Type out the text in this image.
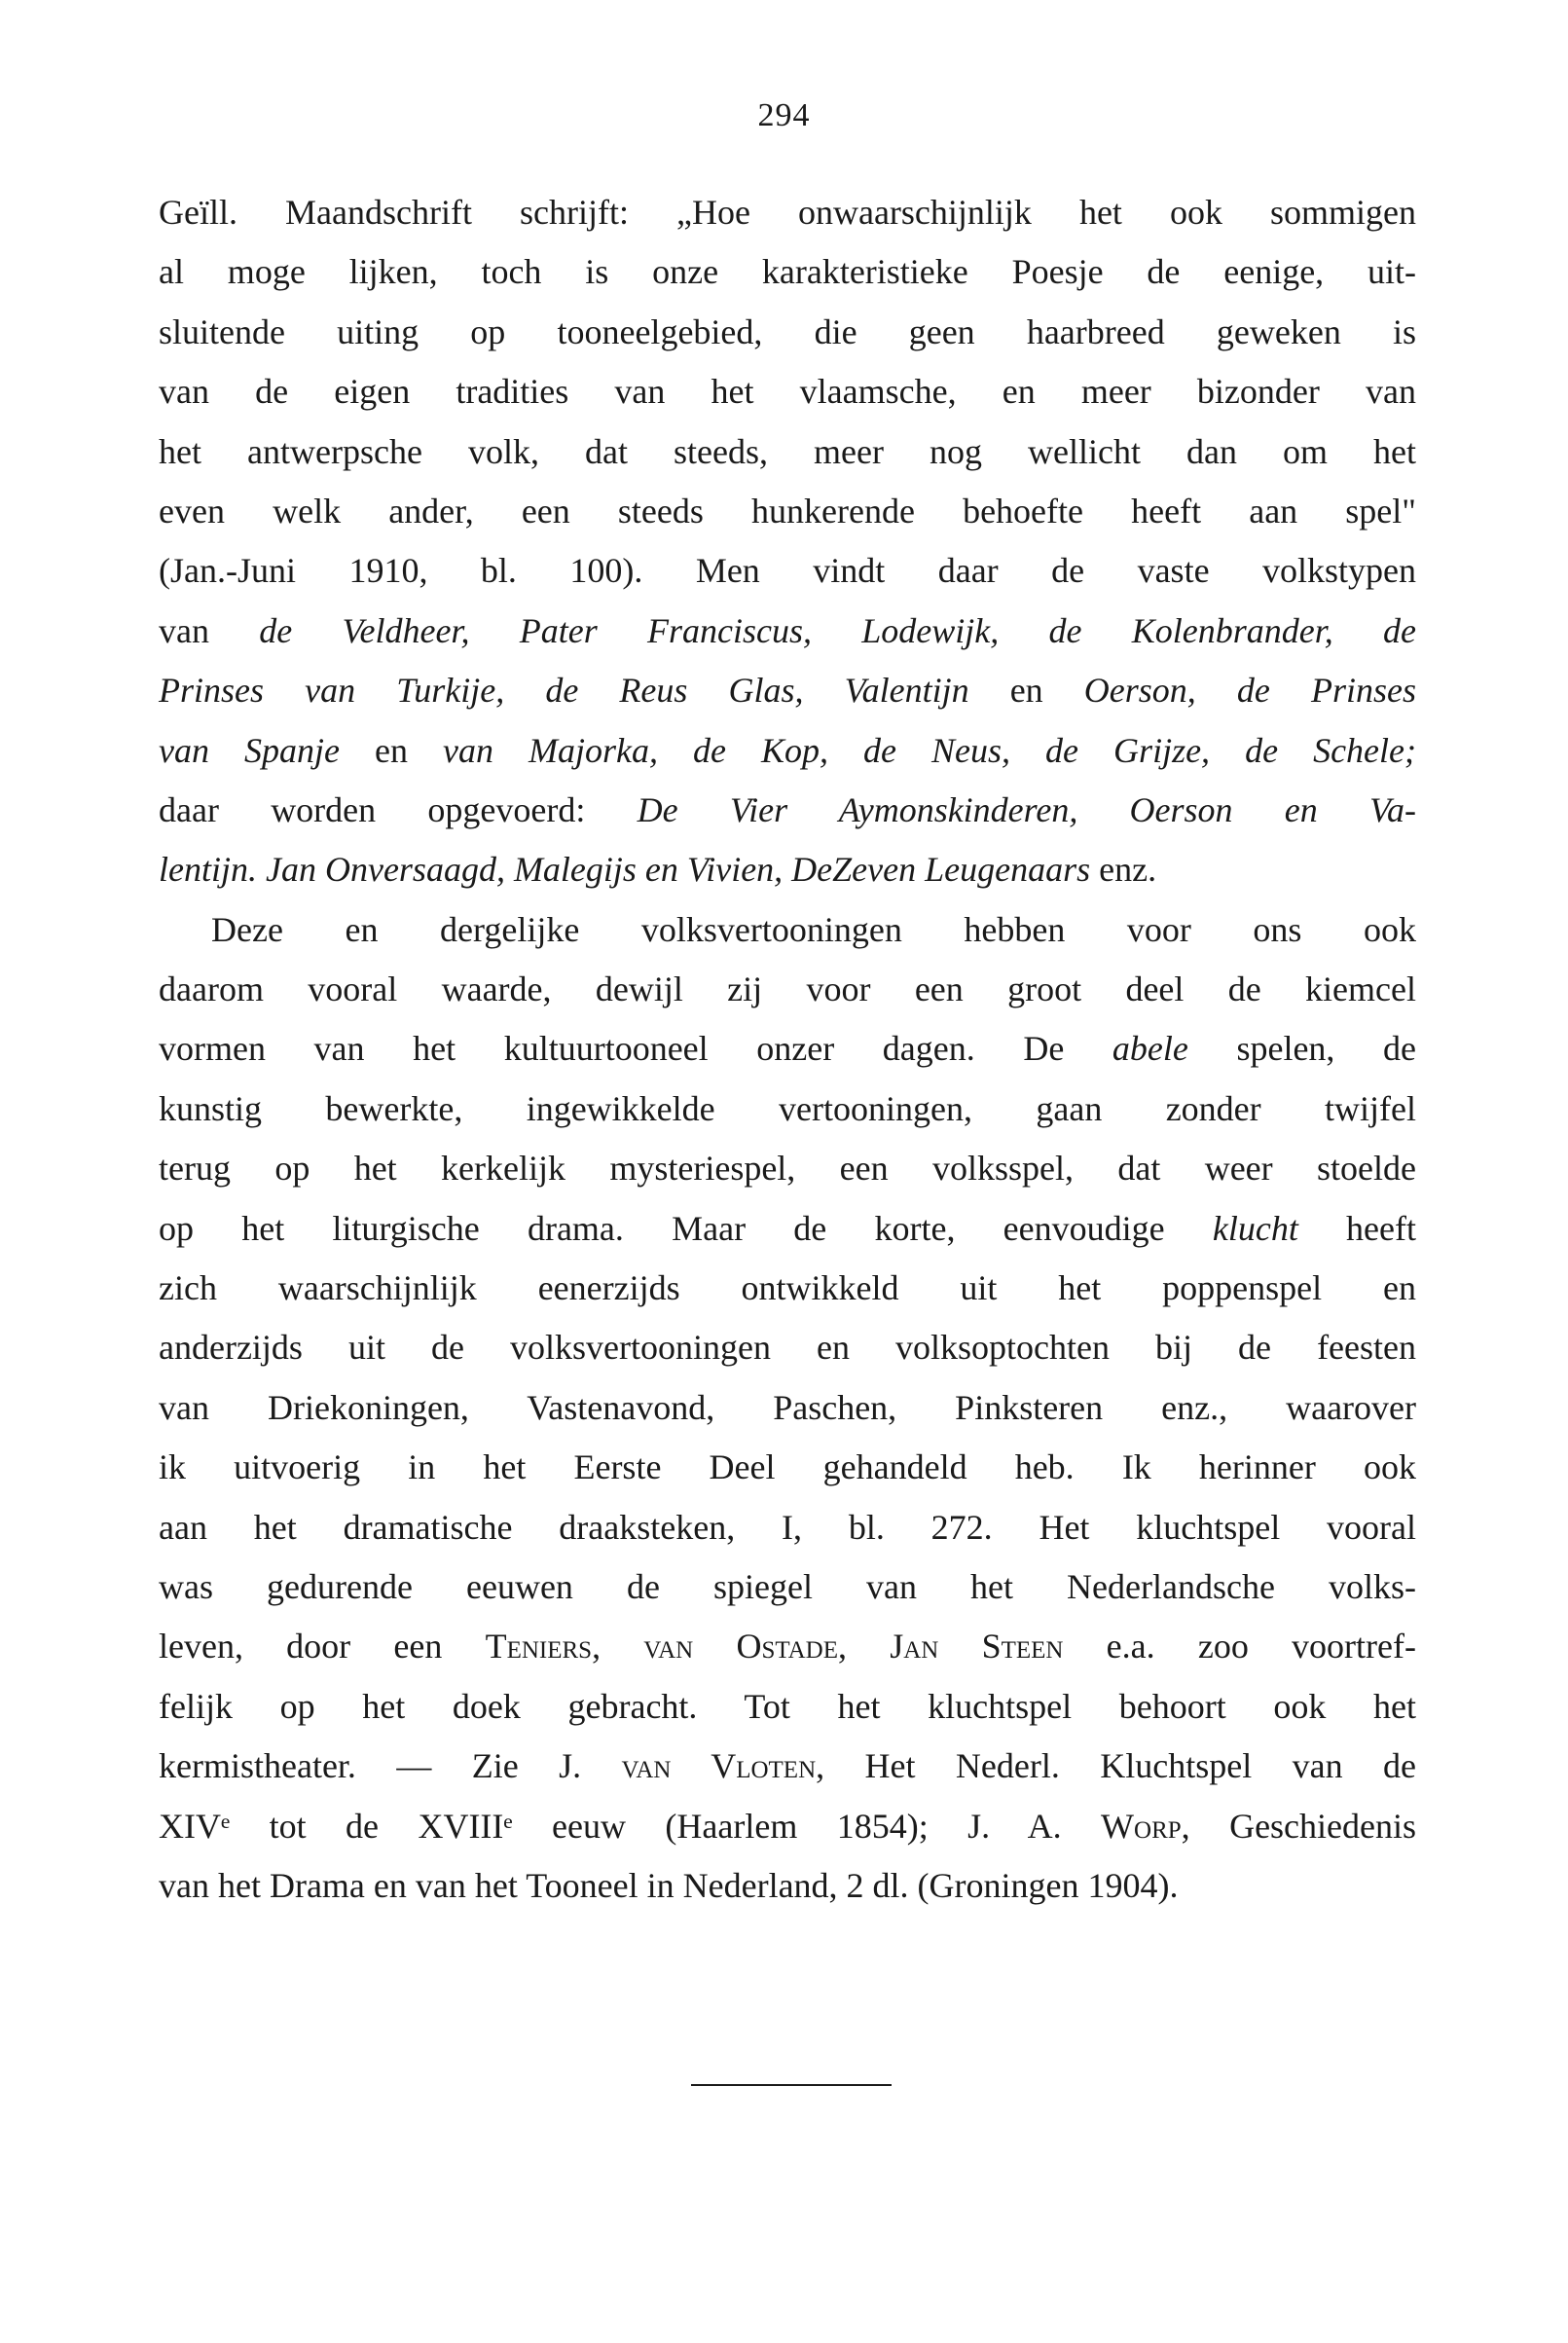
294
Geïll. Maandschrift schrijft: „Hoe onwaarschijnlijk het ook sommigen
al moge lijken, toch is onze karakteristieke Poesje de eenige, uit-
sluitende uiting op tooneelgebied, die geen haarbreed geweken is
van de eigen tradities van het vlaamsche, en meer bizonder van
het antwerpsche volk, dat steeds, meer nog wellicht dan om het
even welk ander, een steeds hunkerende behoefte heeft aan spel"
(Jan.-Juni 1910, bl. 100). Men vindt daar de vaste volkstypen
van de Veldheer, Pater Franciscus, Lodewijk, de Kolenbrander, de
Prinses van Turkije, de Reus Glas, Valentijn en Oerson, de Prinses
van Spanje en van Majorka, de Kop, de Neus, de Grijze, de Schele;
daar worden opgevoerd: De Vier Aymonskinderen, Oerson en Va-
lentijn. Jan Onversaagd, Malegijs en Vivien, DeZeven Leugenaars enz.
Deze en dergelijke volksvertooningen hebben voor ons ook
daarom vooral waarde, dewijl zij voor een groot deel de kiemcel
vormen van het kultuurtooneel onzer dagen. De abele spelen, de
kunstig bewerkte, ingewikkelde vertooningen, gaan zonder twijfel
terug op het kerkelijk mysteriespel, een volksspel, dat weer stoelde
op het liturgische drama. Maar de korte, eenvoudige klucht heeft
zich waarschijnlijk eenerzijds ontwikkeld uit het poppenspel en
anderzijds uit de volksvertooningen en volksoptochten bij de feesten
van Driekoningen, Vastenavond, Paschen, Pinksteren enz., waarover
ik uitvoerig in het Eerste Deel gehandeld heb. Ik herinner ook
aan het dramatische draaksteken, I, bl. 272. Het kluchtspel vooral
was gedurende eeuwen de spiegel van het Nederlandsche volks-
leven, door een Teniers, van Ostade, Jan Steen e.a. zoo voortref-
felijk op het doek gebracht. Tot het kluchtspel behoort ook het
kermistheater. — Zie J. van Vloten, Het Nederl. Kluchtspel van de
XIVᵉ tot de XVIIIᵉ eeuw (Haarlem 1854); J. A. Worp, Geschiedenis
van het Drama en van het Tooneel in Nederland, 2 dl. (Groningen 1904).
